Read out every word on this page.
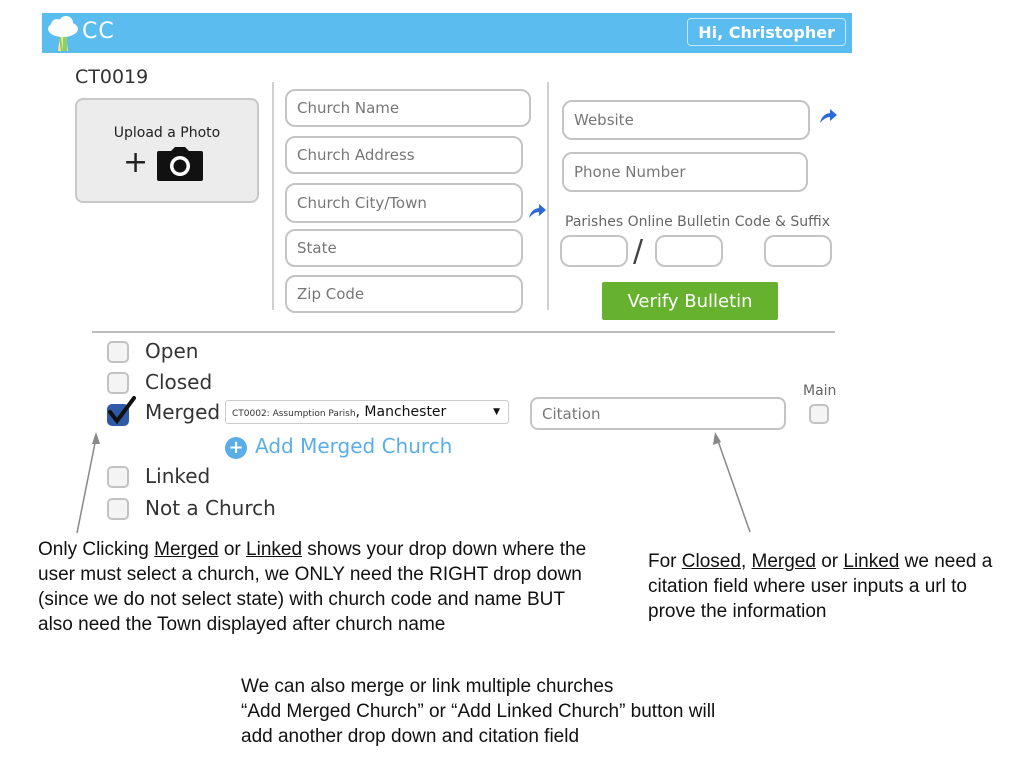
CC	Hi, Christopher
CT0019
Upload a Photo
+
Church Name
Church Address
Church City/Town
State
Zip Code
Website
Phone Number
Parishes Online Bulletin Code & Suffix
/
Verify Bulletin
Open
Closed
Merged	CT0002: Assumption Parish, Manchester	▼
Citation
Main
+ Add Merged Church
Linked
Not a Church
Only Clicking Merged or Linked shows your drop down where the user must select a church, we ONLY need the RIGHT drop down (since we do not select state) with church code and name BUT also need the Town displayed after church name
For Closed, Merged or Linked we need a citation field where user inputs a url to prove the information
We can also merge or link multiple churches
“Add Merged Church” or “Add Linked Church” button will
add another drop down and citation field
